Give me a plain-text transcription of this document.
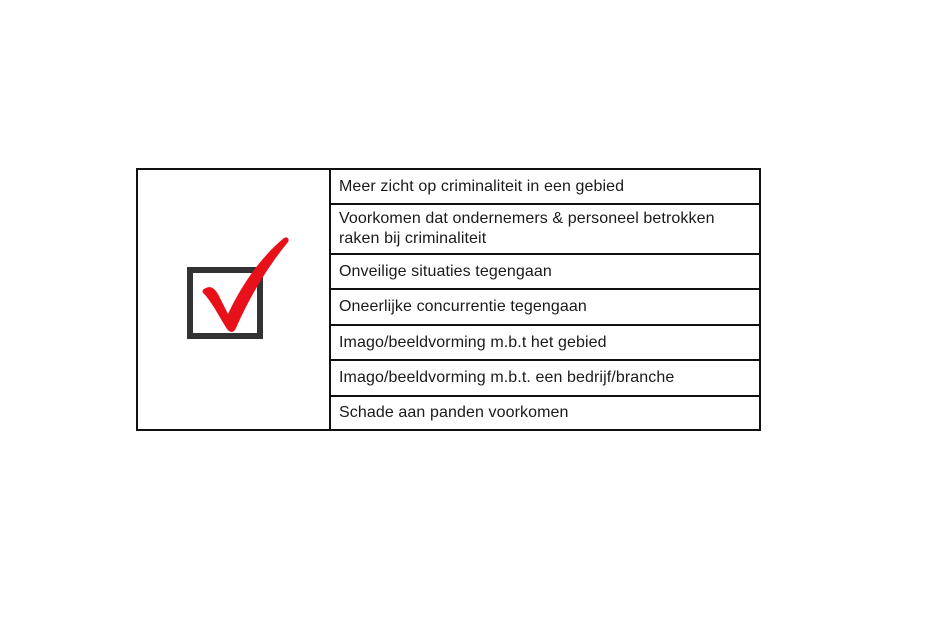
Meer zicht op criminaliteit in een gebied
Voorkomen dat ondernemers & personeel betrokken raken bij criminaliteit
Onveilige situaties tegengaan
Oneerlijke concurrentie tegengaan
Imago/beeldvorming m.b.t het gebied
Imago/beeldvorming m.b.t. een bedrijf/branche
Schade aan panden voorkomen
